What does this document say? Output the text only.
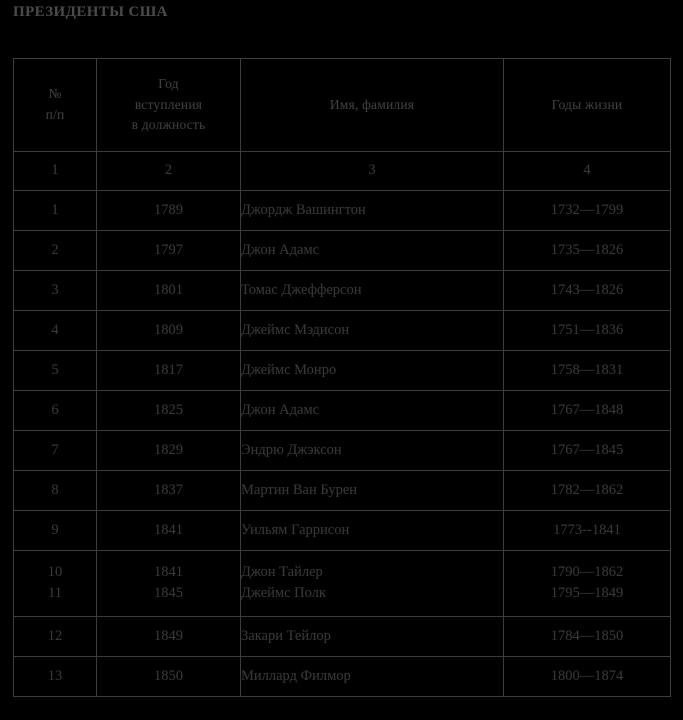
ПРЕЗИДЕНТЫ США
№
п/п	Год
вступления
в должность	Имя, фамилия	Годы жизни

1	2	3	4
1	1789	Джордж Вашингтон	1732—1799
2	1797	Джон Адамс	1735—1826
3	1801	Томас Джефферсон	1743—1826
4	1809	Джеймс Мэдисон	1751—1836
5	1817	Джеймс Монро	1758—1831
6	1825	Джон Адамс	1767—1848
7	1829	Эндрю Джэксон	1767—1845
8	1837	Мартин Ван Бурен	1782—1862
9	1841	Уильям Гаррисон	1773--1841
10	1841	Джон Тайлер	1790—1862
11	1845	Джеймс Полк	1795—1849
12	1849	Закари Тейлор	1784—1850
13	1850	Миллард Филмор	1800—1874
